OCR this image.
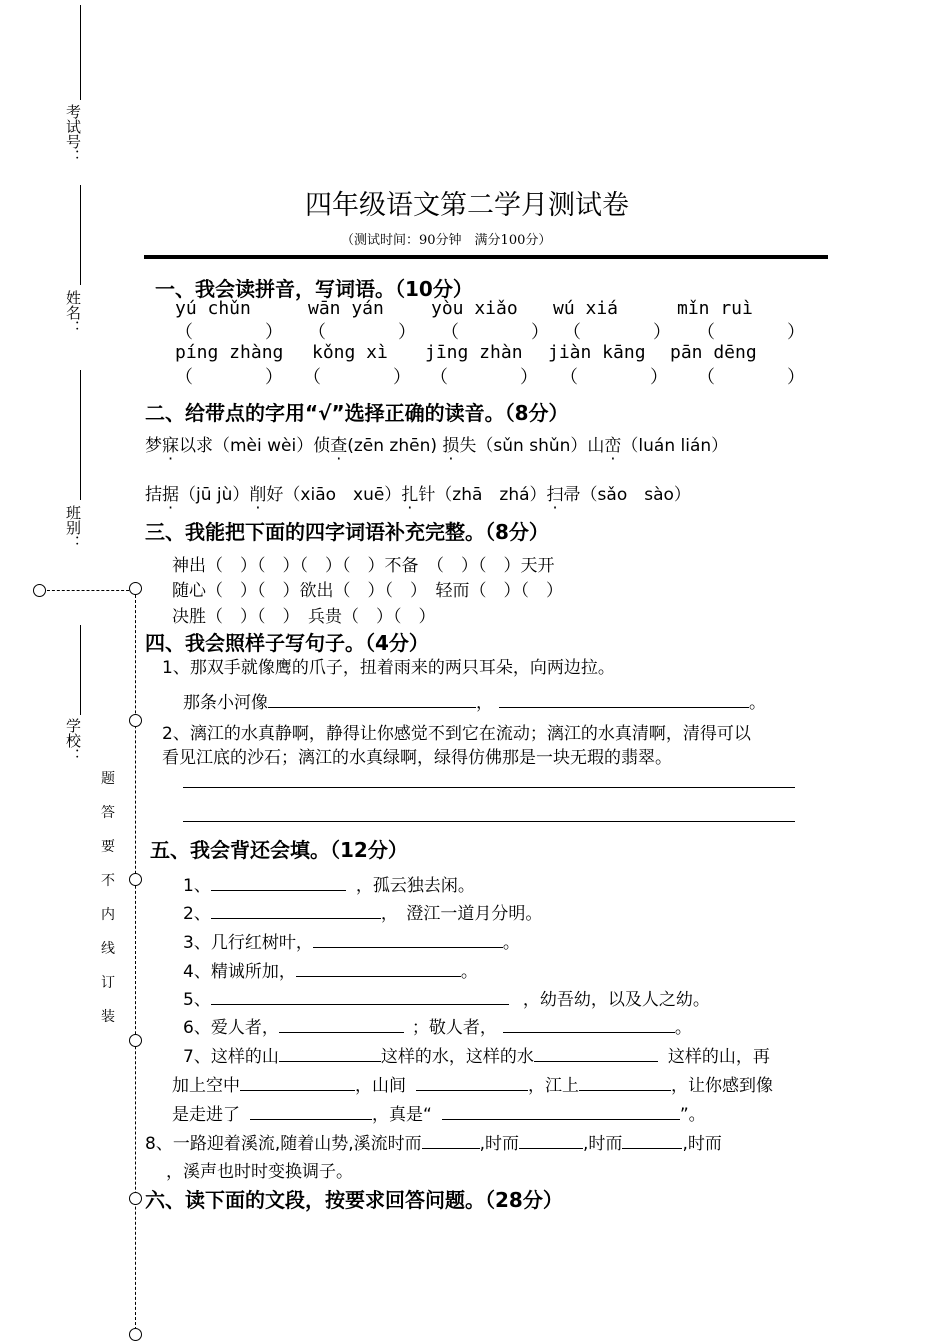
考试号：
姓名：
班别：
学校：
题
答
要
不
内
线
订
装
四年级语文第二学月测试卷
（测试时间：90分钟　满分100分）
一、我会读拼音，写词语。（10分）
yú chǔn	wān yán	yòu xiǎo wú xiá	mǐn ruì
（　　　　） （　　　　） （　　　　） （　　　　） （　　　　）
píng zhàng kǒng xì jīng zhàn jiàn kāng pān dēng
（　　　　） （　　　　） （　　　　） （　　　　） （　　　　）
二、给带点的字用“√”选择正确的读音。（8分）
梦寐以求（mèi wèi）侦查(zēn zhēn) 损失（sǔn shǔn）山峦（luán lián）
拮据（jū jù）削好（xiāo　xuē）扎针（zhā　zhá）扫帚（sǎo　sào）
三、我能把下面的四字词语补充完整。（8分）
神出（　）（　）（　）（　）不备　（　）（　）天开
随心（　）（　）欲出（　）（　）　轻而（　）（　）
决胜（　）（　）　兵贵（　）（　）
四、我会照样子写句子。（4分）
1、那双手就像鹰的爪子，扭着雨来的两只耳朵，向两边拉。
那条小河像	，	。
2、漓江的水真静啊，静得让你感觉不到它在流动；漓江的水真清啊，清得可以
看见江底的沙石；漓江的水真绿啊，绿得仿佛那是一块无瑕的翡翠。
五、我会背还会填。（12分）
1、	，孤云独去闲。
2、	，　澄江一道月分明。
3、几行红树叶，	。
4、精诚所加，	。
5、	，幼吾幼，以及人之幼。
6、爱人者，	；敬人者，	。
7、这样的山	这样的水，这样的水	这样的山，再
加上空中	，山间	，江上	，让你感到像
是走进了	，真是“	”。
8、一路迎着溪流,随着山势,溪流时而	,时而	,时而	,时而
，溪声也时时变换调子。
六、读下面的文段，按要求回答问题。（28分）
